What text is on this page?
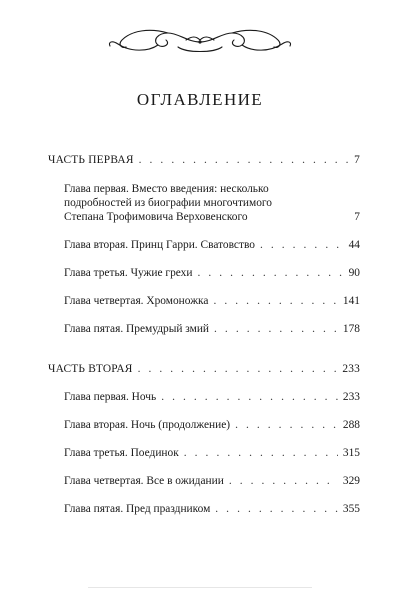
ОГЛАВЛЕНИЕ
ЧАСТЬ ПЕРВАЯ . . .	7
Глава первая. Вместо введения: несколько
подробностей из биографии многочтимого
Степана Трофимовича Верховенского	7
Глава вторая. Принц Гарри. Сватовство . . .	44
Глава третья. Чужие грехи . . .	90
Глава четвертая. Хромоножка . . .	141
Глава пятая. Премудрый змий . . .	178
ЧАСТЬ ВТОРАЯ . . .	233
Глава первая. Ночь . . .	233
Глава вторая. Ночь (продолжение) . . .	288
Глава третья. Поединок . . .	315
Глава четвертая. Все в ожидании . . .	329
Глава пятая. Пред праздником . . .	355
